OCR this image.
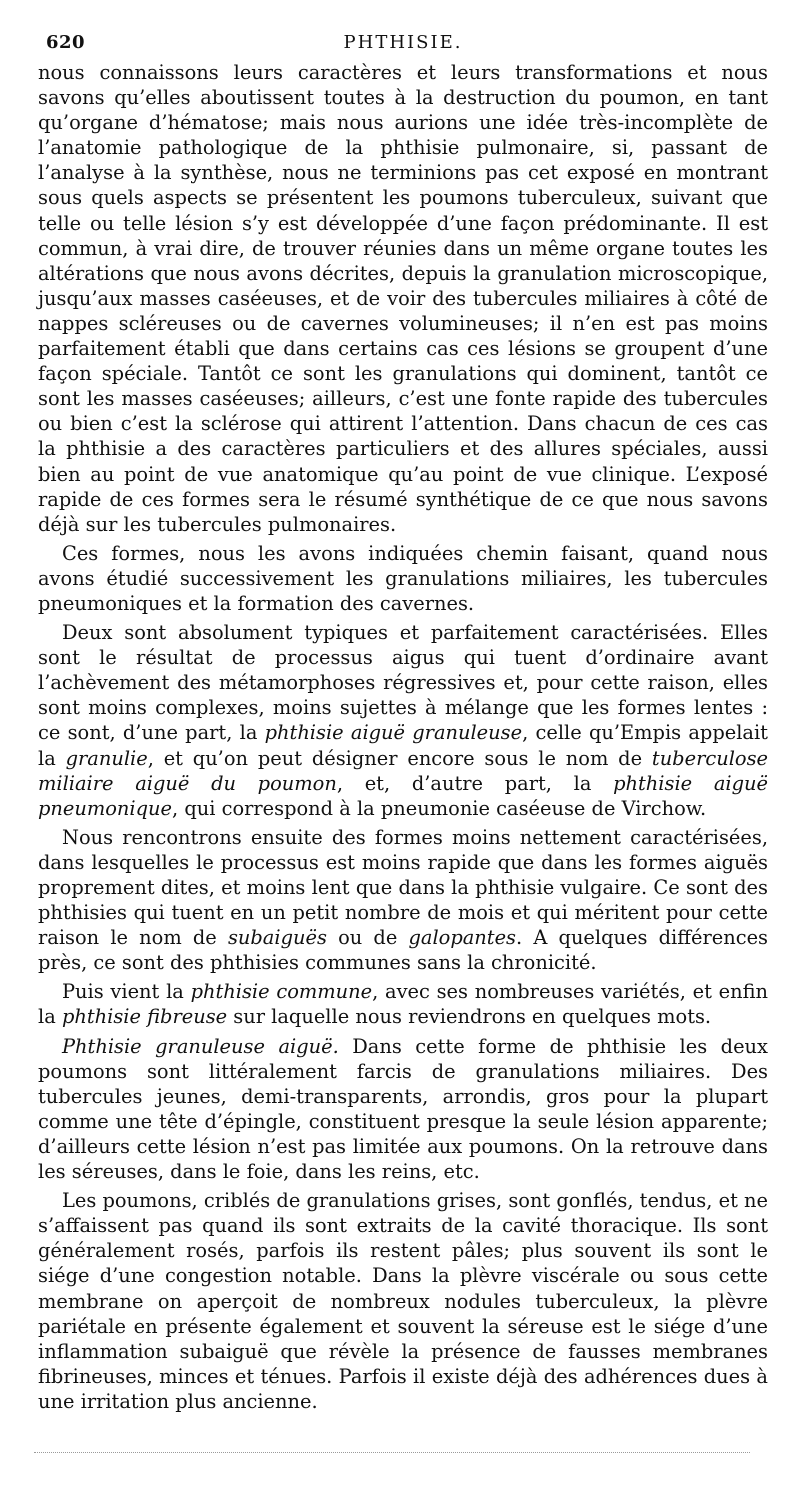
620	PHTHISIE.

nous connaissons leurs caractères et leurs transformations et nous savons qu’elles aboutissent toutes à la destruction du poumon, en tant qu’organe d’hématose; mais nous aurions une idée très-incomplète de l’anatomie pathologique de la phthisie pulmonaire, si, passant de l’analyse à la synthèse, nous ne terminions pas cet exposé en montrant sous quels aspects se présentent les poumons tuberculeux, suivant que telle ou telle lésion s’y est développée d’une façon prédominante. Il est commun, à vrai dire, de trouver réunies dans un même organe toutes les altérations que nous avons décrites, depuis la granulation microscopique, jusqu’aux masses caséeuses, et de voir des tubercules miliaires à côté de nappes scléreuses ou de cavernes volumineuses; il n’en est pas moins parfaitement établi que dans certains cas ces lésions se groupent d’une façon spéciale. Tantôt ce sont les granulations qui dominent, tantôt ce sont les masses caséeuses; ailleurs, c’est une fonte rapide des tubercules ou bien c’est la sclérose qui attirent l’attention. Dans chacun de ces cas la phthisie a des caractères particuliers et des allures spéciales, aussi bien au point de vue anatomique qu’au point de vue clinique. L’exposé rapide de ces formes sera le résumé synthétique de ce que nous savons déjà sur les tubercules pulmonaires.

Ces formes, nous les avons indiquées chemin faisant, quand nous avons étudié successivement les granulations miliaires, les tubercules pneumoniques et la formation des cavernes.

Deux sont absolument typiques et parfaitement caractérisées. Elles sont le résultat de processus aigus qui tuent d’ordinaire avant l’achèvement des métamorphoses régressives et, pour cette raison, elles sont moins complexes, moins sujettes à mélange que les formes lentes : ce sont, d’une part, la phthisie aiguë granuleuse, celle qu’Empis appelait la granulie, et qu’on peut désigner encore sous le nom de tuberculose miliaire aiguë du poumon, et, d’autre part, la phthisie aiguë pneumonique, qui correspond à la pneumonie caséeuse de Virchow.

Nous rencontrons ensuite des formes moins nettement caractérisées, dans lesquelles le processus est moins rapide que dans les formes aiguës proprement dites, et moins lent que dans la phthisie vulgaire. Ce sont des phthisies qui tuent en un petit nombre de mois et qui méritent pour cette raison le nom de subaiguës ou de galopantes. A quelques différences près, ce sont des phthisies communes sans la chronicité.

Puis vient la phthisie commune, avec ses nombreuses variétés, et enfin la phthisie fibreuse sur laquelle nous reviendrons en quelques mots.

Phthisie granuleuse aiguë. Dans cette forme de phthisie les deux poumons sont littéralement farcis de granulations miliaires. Des tubercules jeunes, demi-transparents, arrondis, gros pour la plupart comme une tête d’épingle, constituent presque la seule lésion apparente; d’ailleurs cette lésion n’est pas limitée aux poumons. On la retrouve dans les séreuses, dans le foie, dans les reins, etc.

Les poumons, criblés de granulations grises, sont gonflés, tendus, et ne s’affaissent pas quand ils sont extraits de la cavité thoracique. Ils sont généralement rosés, parfois ils restent pâles; plus souvent ils sont le siége d’une congestion notable. Dans la plèvre viscérale ou sous cette membrane on aperçoit de nombreux nodules tuberculeux, la plèvre pariétale en présente également et souvent la séreuse est le siége d’une inflammation subaiguë que révèle la présence de fausses membranes fibrineuses, minces et ténues. Parfois il existe déjà des adhérences dues à une irritation plus ancienne.
